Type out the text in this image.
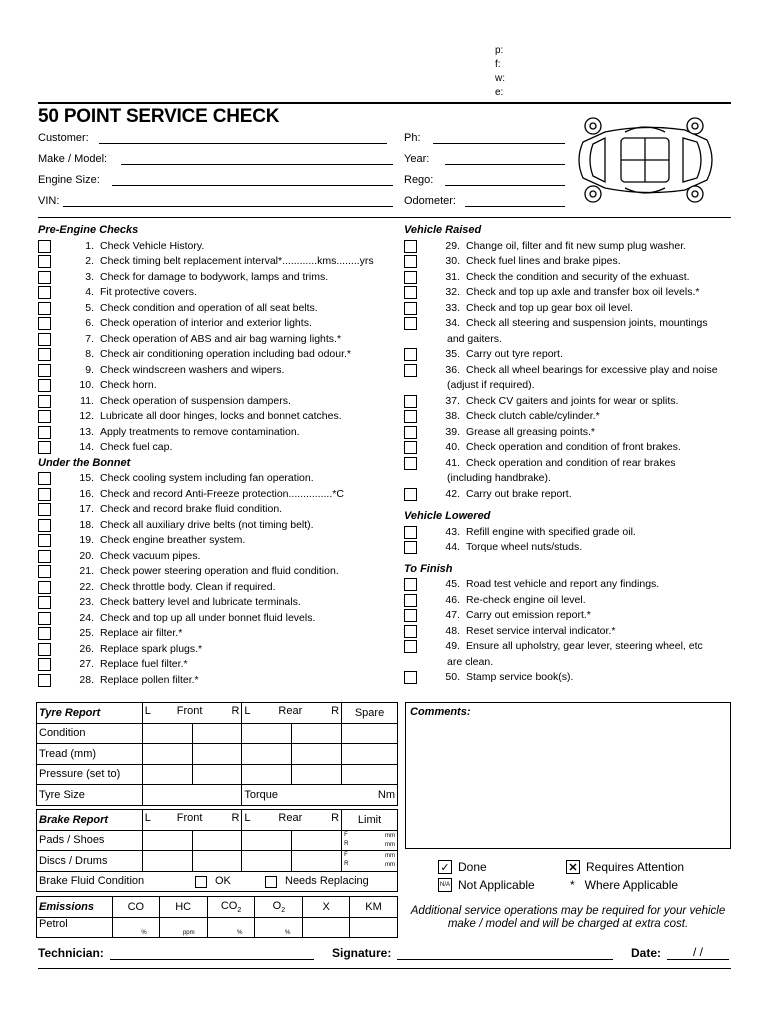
p:
f:
w:
e:
50 POINT SERVICE CHECK
Customer:
Make / Model:
Engine Size:
VIN:
Ph:
Year:
Rego:
Odometer:
Pre-Engine Checks
1. Check Vehicle History.
2. Check timing belt replacement interval*............kms........yrs
3. Check for damage to bodywork, lamps and trims.
4. Fit protective covers.
5. Check condition and operation of all seat belts.
6. Check operation of interior and exterior lights.
7. Check operation of ABS and air bag warning lights.*
8. Check air conditioning operation including bad odour.*
9. Check windscreen washers and wipers.
10. Check horn.
11. Check operation of suspension dampers.
12. Lubricate all door hinges, locks and bonnet catches.
13. Apply treatments to remove contamination.
14. Check fuel cap.
Under the Bonnet
15. Check cooling system including fan operation.
16. Check and record Anti-Freeze protection...............*C
17. Check and record brake fluid condition.
18. Check all auxiliary drive belts (not timing belt).
19. Check engine breather system.
20. Check vacuum pipes.
21. Check power steering operation and fluid condition.
22. Check throttle body. Clean if required.
23. Check battery level and lubricate terminals.
24. Check and top up all under bonnet fluid levels.
25. Replace air filter.*
26. Replace spark plugs.*
27. Replace fuel filter.*
28. Replace pollen filter.*
Vehicle Raised
29. Change oil, filter and fit new sump plug washer.
30. Check fuel lines and brake pipes.
31. Check the condition and security of the exhuast.
32. Check and top up axle and transfer box oil levels.*
33. Check and top up gear box oil level.
34. Check all steering and suspension joints, mountings
and gaiters.
35. Carry out tyre report.
36. Check all wheel bearings for excessive play and noise
(adjust if required).
37. Check CV gaiters and joints for wear or splits.
38. Check clutch cable/cylinder.*
39. Grease all greasing points.*
40. Check operation and condition of front brakes.
41. Check operation and condition of rear brakes
(including handbrake).
42. Carry out brake report.
Vehicle Lowered
43. Refill engine with specified grade oil.
44. Torque wheel nuts/studs.
To Finish
45. Road test vehicle and report any findings.
46. Re-check engine oil level.
47. Carry out emission report.*
48. Reset service interval indicator.*
49. Ensure all upholstry, gear lever, steering wheel, etc
are clean.
50. Stamp service book(s).
Tyre Report	L Front R		L Rear R		Spare
Condition					
Tread (mm)					
Pressure (set to)					
Tyre Size			Torque Nm		
Brake Report	L Front R		L Rear R		Limit
Pads / Shoes					F mm
R mm

Discs / Drums					F mm
R mm

Brake Fluid Condition OK Needs Replacing					
Emissions	CO	HC	$CO_2$	$O_2$	X	KM
Petrol	%	ppm	%	%		

Comments:
✓ Done	✕ Requires Attention
N/A Not Applicable	* Where Applicable
Additional service operations may be required for your vehicle make / model and will be charged at extra cost.
Technician:	Signature:	Date:	/ /
